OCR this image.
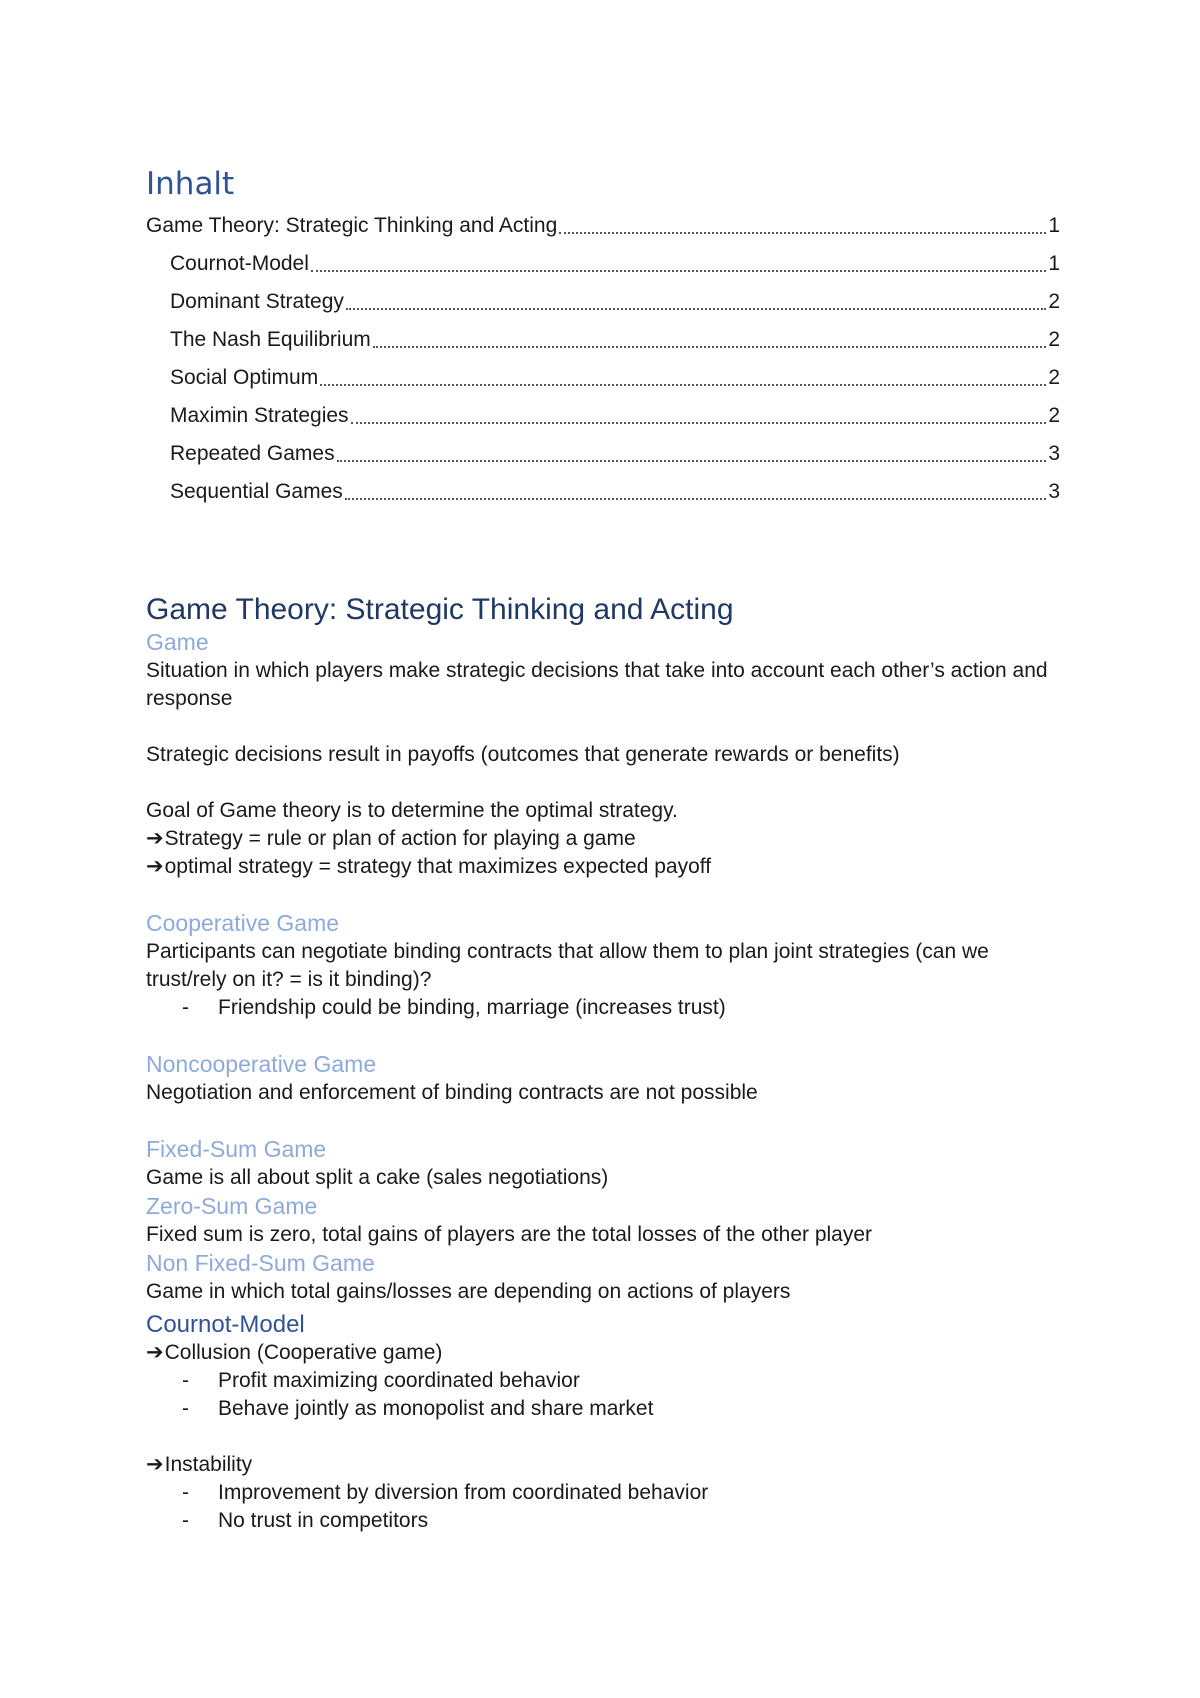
Inhalt
Game Theory: Strategic Thinking and Acting	1
Cournot-Model	1
Dominant Strategy	2
The Nash Equilibrium	2
Social Optimum	2
Maximin Strategies	2
Repeated Games	3
Sequential Games	3
Game Theory: Strategic Thinking and Acting
Game

Situation in which players make strategic decisions that take into account each other’s action and response

Strategic decisions result in payoffs (outcomes that generate rewards or benefits)

Goal of Game theory is to determine the optimal strategy.

➔Strategy = rule or plan of action for playing a game

➔optimal strategy = strategy that maximizes expected payoff

Cooperative Game

Participants can negotiate binding contracts that allow them to plan joint strategies (can we trust/rely on it? = is it binding)?

-	Friendship could be binding, marriage (increases trust)

Noncooperative Game

Negotiation and enforcement of binding contracts are not possible

Fixed-Sum Game

Game is all about split a cake (sales negotiations)

Zero-Sum Game

Fixed sum is zero, total gains of players are the total losses of the other player

Non Fixed-Sum Game

Game in which total gains/losses are depending on actions of players

Cournot-Model

➔Collusion (Cooperative game)

-	Profit maximizing coordinated behavior

-	Behave jointly as monopolist and share market

➔Instability

-	Improvement by diversion from coordinated behavior

-	No trust in competitors
